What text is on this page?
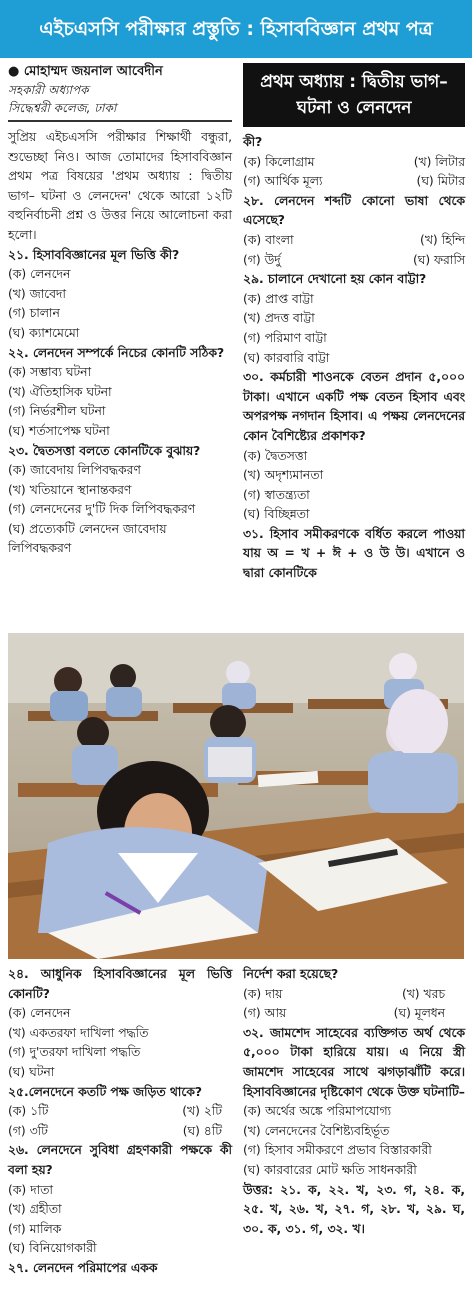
এইচএসসি পরীক্ষার প্রস্তুতি : হিসাববিজ্ঞান প্রথম পত্র

● মোহাম্মদ জয়নাল আবেদীন

সহকারী অধ্যাপক

সিদ্ধেশ্বরী কলেজ, ঢাকা

সুপ্রিয় এইচএসসি পরীক্ষার শিক্ষার্থী বন্ধুরা, শুভেচ্ছা নিও। আজ তোমাদের হিসাববিজ্ঞান প্রথম পত্র বিষয়ের 'প্রথম অধ্যায় : দ্বিতীয় ভাগ– ঘটনা ও লেনদেন' থেকে আরো ১২টি বহুনির্বাচনী প্রশ্ন ও উত্তর নিয়ে আলোচনা করা হলো।

২১. হিসাববিজ্ঞানের মূল ভিত্তি কী?

(ক) লেনদেন

(খ) জাবেদা

(গ) চালান

(ঘ) ক্যাশমেমো

২২. লেনদেন সম্পর্কে নিচের কোনটি সঠিক?

(ক) সম্ভাব্য ঘটনা

(খ) ঐতিহাসিক ঘটনা

(গ) নির্ভরশীল ঘটনা

(ঘ) শর্তসাপেক্ষ ঘটনা

২৩. দ্বৈতসত্তা বলতে কোনটিকে বুঝায়?

(ক) জাবেদায় লিপিবদ্ধকরণ

(খ) খতিয়ানে স্থানান্তকরণ

(গ) লেনদেনের দু'টি দিক লিপিবদ্ধকরণ

(ঘ) প্রত্যেকটি লেনদেন জাবেদায় লিপিবদ্ধকরণ

প্রথম অধ্যায় : দ্বিতীয় ভাগ– ঘটনা ও লেনদেন

কী?

(ক) কিলোগ্রাম	(খ) লিটার
(গ) আর্থিক মূল্য	(ঘ) মিটার

২৮. লেনদেন শব্দটি কোনো ভাষা থেকে এসেছে?

(ক) বাংলা	(খ) হিন্দি
(গ) উর্দু	(ঘ) ফরাসি

২৯. চালানে দেখানো হয় কোন বাট্টা?

(ক) প্রাপ্ত বাট্টা

(খ) প্রদত্ত বাট্টা

(গ) পরিমাণ বাট্টা

(ঘ) কারবারি বাট্টা

৩০. কর্মচারী শাওনকে বেতন প্রদান ৫,০০০ টাকা। এখানে একটি পক্ষ বেতন হিসাব এবং অপরপক্ষ নগদান হিসাব। এ পক্ষয় লেনদেনের কোন বৈশিষ্ট্যের প্রকাশক?

(ক) দ্বৈতসত্তা

(খ) অদৃশ্যমানতা

(গ) স্বাতন্ত্র্যতা

(ঘ) বিচ্ছিন্নতা

৩১. হিসাব সমীকরণকে বর্ধিত করলে পাওয়া যায় অ = খ + ঈ + ও উ উ। এখানে ও দ্বারা কোনটিকে

২৪. আধুনিক হিসাববিজ্ঞানের মূল ভিত্তি কোনটি?

(ক) লেনদেন

(খ) একতরফা দাখিলা পদ্ধতি

(গ) দু'তরফা দাখিলা পদ্ধতি

(ঘ) ঘটনা

২৫.লেনদেনে কতটি পক্ষ জড়িত থাকে?

(ক) ১টি	(খ) ২টি
(গ) ৩টি	(ঘ) ৪টি

২৬. লেনদেনে সুবিধা গ্রহণকারী পক্ষকে কী বলা হয়?

(ক) দাতা

(খ) গ্রহীতা

(গ) মালিক

(ঘ) বিনিয়োগকারী

২৭. লেনদেন পরিমাপের একক

নির্দেশ করা হয়েছে?

(ক) দায়	(খ) খরচ
(গ) আয়	(ঘ) মূলধন

৩২. জামশেদ সাহেবের ব্যক্তিগত অর্থ থেকে ৫,০০০ টাকা হারিয়ে যায়। এ নিয়ে স্ত্রী জামশেদ সাহেবের সাথে ঝগড়াঝাঁটি করে। হিসাববিজ্ঞানের দৃষ্টিকোণ থেকে উক্ত ঘটনাটি–

(ক) অর্থের অঙ্কে পরিমাপযোগ্য

(খ) লেনদেনের বৈশিষ্ট্যবহির্ভূত

(গ) হিসাব সমীকরণে প্রভাব বিস্তারকারী

(ঘ) কারবারের মোট ক্ষতি সাধনকারী

উত্তর: ২১. ক, ২২. খ, ২৩. গ, ২৪. ক, ২৫. খ, ২৬. খ, ২৭. গ, ২৮. খ, ২৯. ঘ, ৩০. ক, ৩১. গ, ৩২. খ।
